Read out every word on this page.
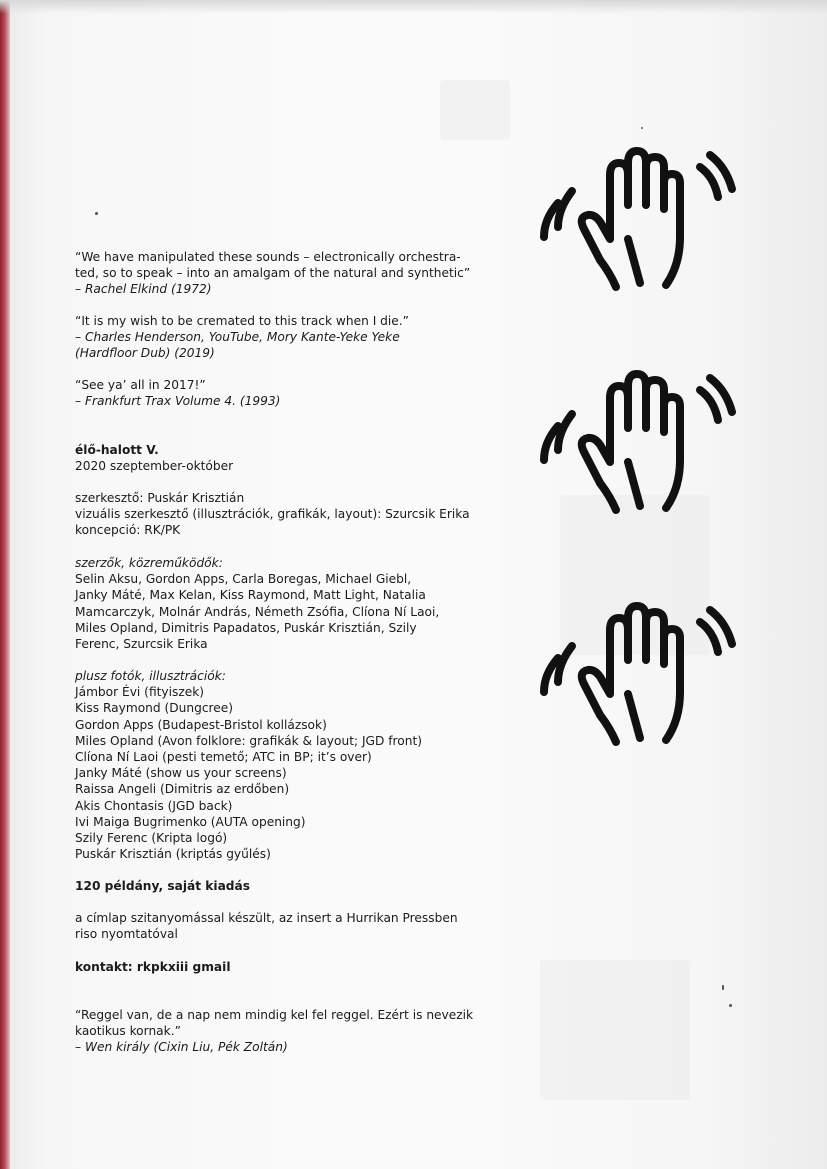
“We have manipulated these sounds – electronically orchestra-

ted, so to speak – into an amalgam of the natural and synthetic”

– Rachel Elkind (1972)

“It is my wish to be cremated to this track when I die.”

– Charles Henderson, YouTube, Mory Kante-Yeke Yeke

(Hardfloor Dub) (2019)

“See ya’ all in 2017!”

– Frankfurt Trax Volume 4. (1993)

élő-halott V.

2020 szeptember-október

szerkesztő: Puskár Krisztián

vizuális szerkesztő (illusztrációk, grafikák, layout): Szurcsik Erika

koncepció: RK/PK

szerzők, közreműködők:

Selin Aksu, Gordon Apps, Carla Boregas, Michael Giebl,

Janky Máté, Max Kelan, Kiss Raymond, Matt Light, Natalia

Mamcarczyk, Molnár András, Németh Zsófia, Clíona Ní Laoi,

Miles Opland, Dimitris Papadatos, Puskár Krisztián, Szily

Ferenc, Szurcsik Erika

plusz fotók, illusztrációk:

Jámbor Évi (fityiszek)

Kiss Raymond (Dungcree)

Gordon Apps (Budapest-Bristol kollázsok)

Miles Opland (Avon folklore: grafikák & layout; JGD front)

Clíona Ní Laoi (pesti temető; ATC in BP; it’s over)

Janky Máté (show us your screens)

Raissa Angeli (Dimitris az erdőben)

Akis Chontasis (JGD back)

Ivi Maiga Bugrimenko (AUTA opening)

Szily Ferenc (Kripta logó)

Puskár Krisztián (kriptás gyűlés)

120 példány, saját kiadás

a címlap szitanyomással készült, az insert a Hurrikan Pressben

riso nyomtatóval

kontakt: rkpkxiii gmail

“Reggel van, de a nap nem mindig kel fel reggel. Ezért is nevezik

kaotikus kornak.”

– Wen király (Cixin Liu, Pék Zoltán)
